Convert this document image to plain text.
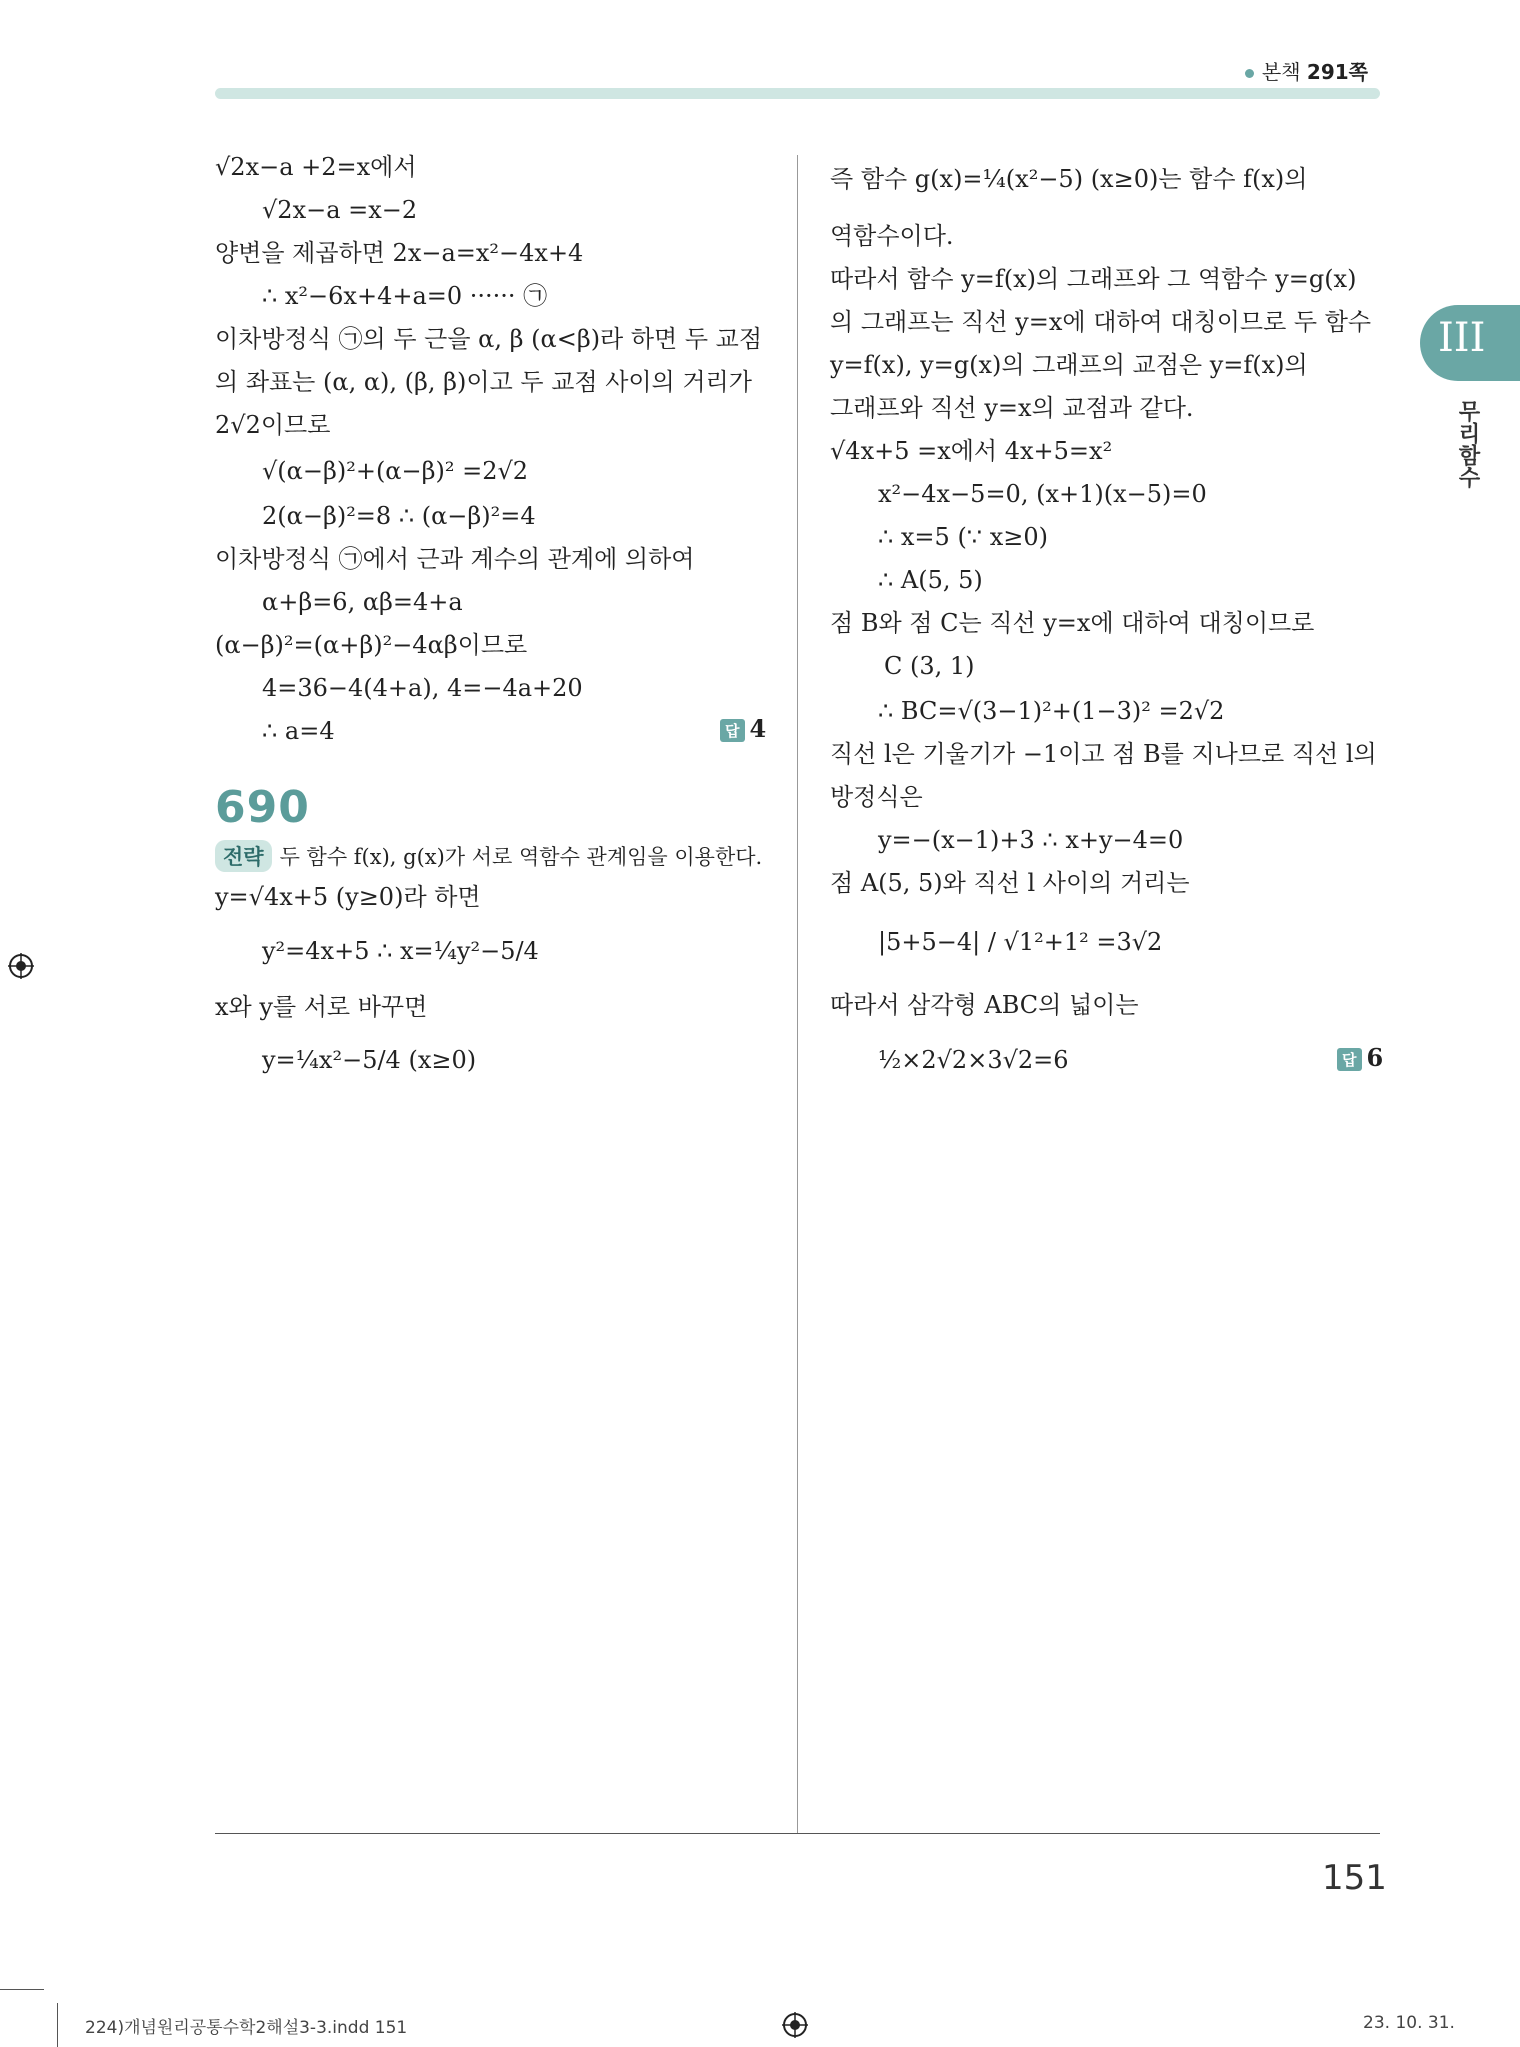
본책 291쪽
√2x−a +2=x에서
√2x−a =x−2
양변을 제곱하면 2x−a=x²−4x+4
∴ x²−6x+4+a=0 ······ ㉠
이차방정식 ㉠의 두 근을 α, β (α<β)라 하면 두 교점
의 좌표는 (α, α), (β, β)이고 두 교점 사이의 거리가
2√2이므로
√(α−β)²+(α−β)² =2√2
2(α−β)²=8 ∴ (α−β)²=4
이차방정식 ㉠에서 근과 계수의 관계에 의하여
α+β=6, αβ=4+a
(α−β)²=(α+β)²−4αβ이므로
4=36−4(4+a), 4=−4a+20
∴ a=4	답 4
690
전략 두 함수 f(x), g(x)가 서로 역함수 관계임을 이용한다.
y=√4x+5 (y≥0)라 하면
y²=4x+5 ∴ x=¼y²−5/4
x와 y를 서로 바꾸면
y=¼x²−5/4 (x≥0)
즉 함수 g(x)=¼(x²−5) (x≥0)는 함수 f(x)의
역함수이다.
따라서 함수 y=f(x)의 그래프와 그 역함수 y=g(x)
의 그래프는 직선 y=x에 대하여 대칭이므로 두 함수
y=f(x), y=g(x)의 그래프의 교점은 y=f(x)의
그래프와 직선 y=x의 교점과 같다.
√4x+5 =x에서 4x+5=x²
x²−4x−5=0, (x+1)(x−5)=0
∴ x=5 (∵ x≥0)
∴ A(5, 5)
점 B와 점 C는 직선 y=x에 대하여 대칭이므로
C (3, 1)
∴ BC=√(3−1)²+(1−3)² =2√2
직선 l은 기울기가 −1이고 점 B를 지나므로 직선 l의
방정식은
y=−(x−1)+3 ∴ x+y−4=0
점 A(5, 5)와 직선 l 사이의 거리는
|5+5−4| / √1²+1² =3√2
따라서 삼각형 ABC의 넓이는
½×2√2×3√2=6	답 6
III
무리함수
151
224)개념원리공통수학2해설3-3.indd 151	23. 10. 31.
